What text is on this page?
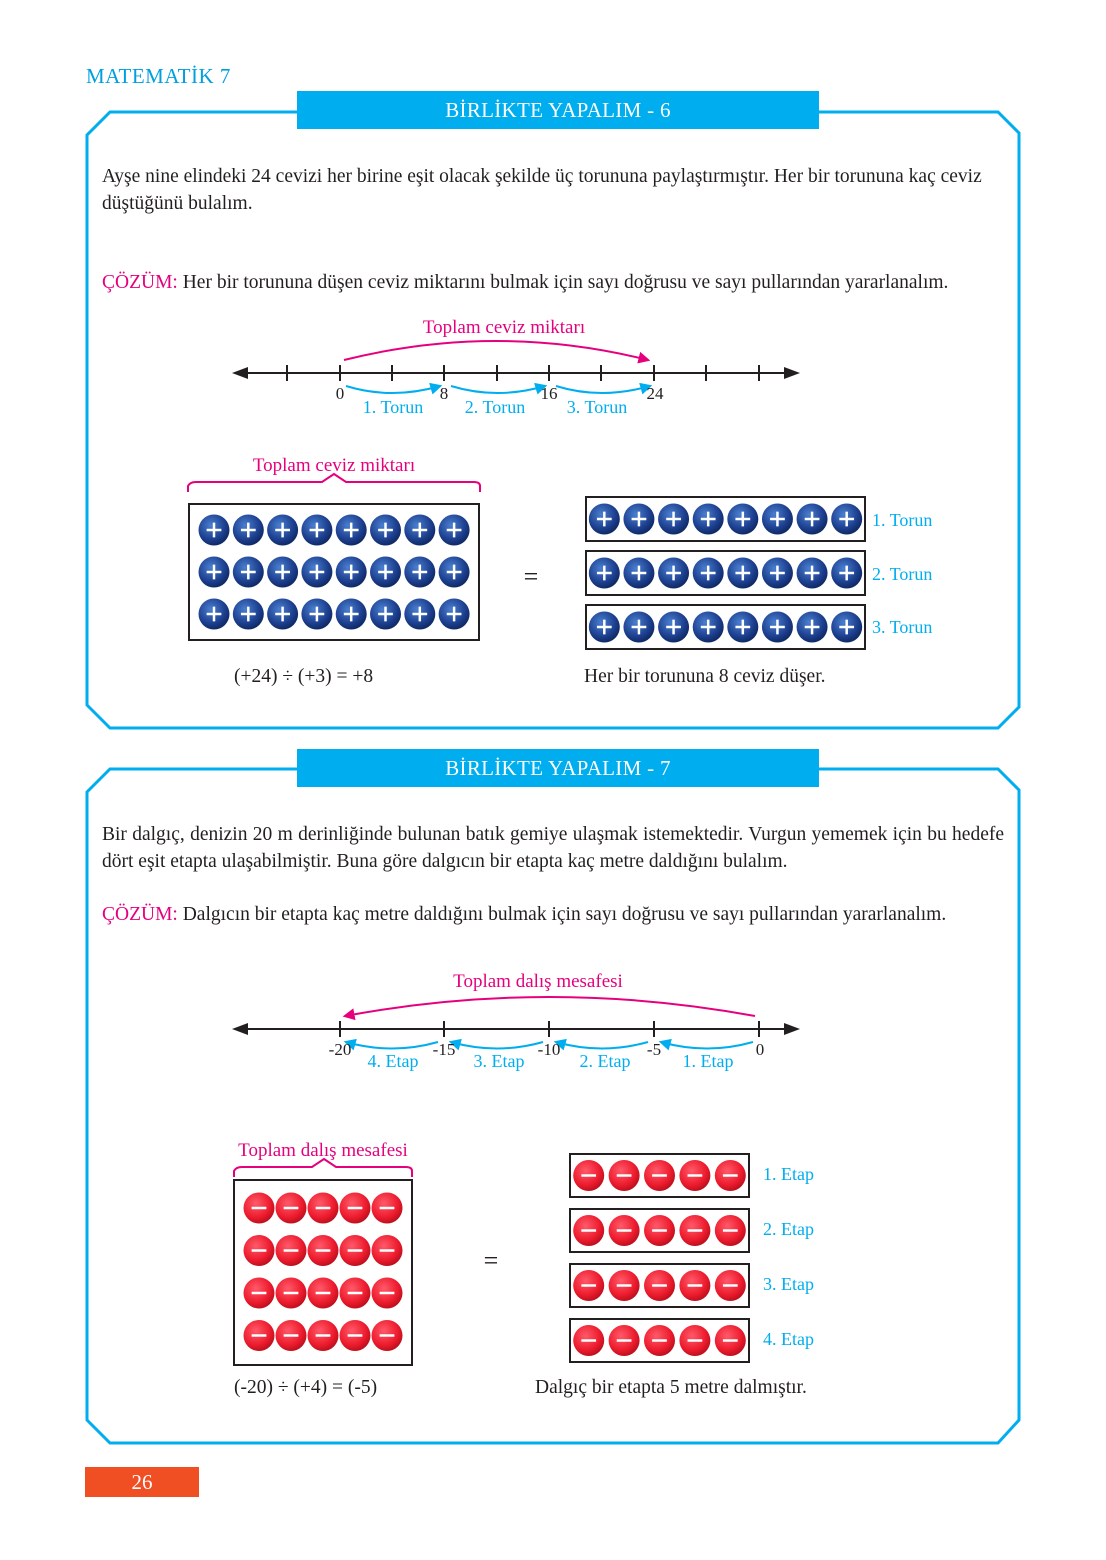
MATEMATİK 7
BİRLİKTE YAPALIM - 6
Ayşe nine elindeki 24 cevizi her birine eşit olacak şekilde üç torununa paylaştırmıştır. Her bir torununa kaç ceviz düştüğünü bulalım.
ÇÖZÜM: Her bir torununa düşen ceviz miktarını bulmak için sayı doğrusu ve sayı pullarından yararlanalım.
Toplam ceviz miktarı
0	8	16	24
1. Torun	2. Torun	3. Torun
Toplam ceviz miktarı
=
1. Torun
2. Torun
3. Torun
(+24) ÷ (+3) = +8	Her bir torununa 8 ceviz düşer.
BİRLİKTE YAPALIM - 7
Bir dalgıç, denizin 20 m derinliğinde bulunan batık gemiye ulaşmak istemektedir. Vurgun yememek için bu hedefe dört eşit etapta ulaşabilmiştir. Buna göre dalgıcın bir etapta kaç metre daldığını bulalım.
ÇÖZÜM: Dalgıcın bir etapta kaç metre daldığını bulmak için sayı doğrusu ve sayı pullarından yararlanalım.
Toplam dalış mesafesi
-20	-15	-10	-5	0
4. Etap	3. Etap	2. Etap	1. Etap
Toplam dalış mesafesi
=
1. Etap
2. Etap
3. Etap
4. Etap
(-20) ÷ (+4) = (-5)	Dalgıç bir etapta 5 metre dalmıştır.
26
